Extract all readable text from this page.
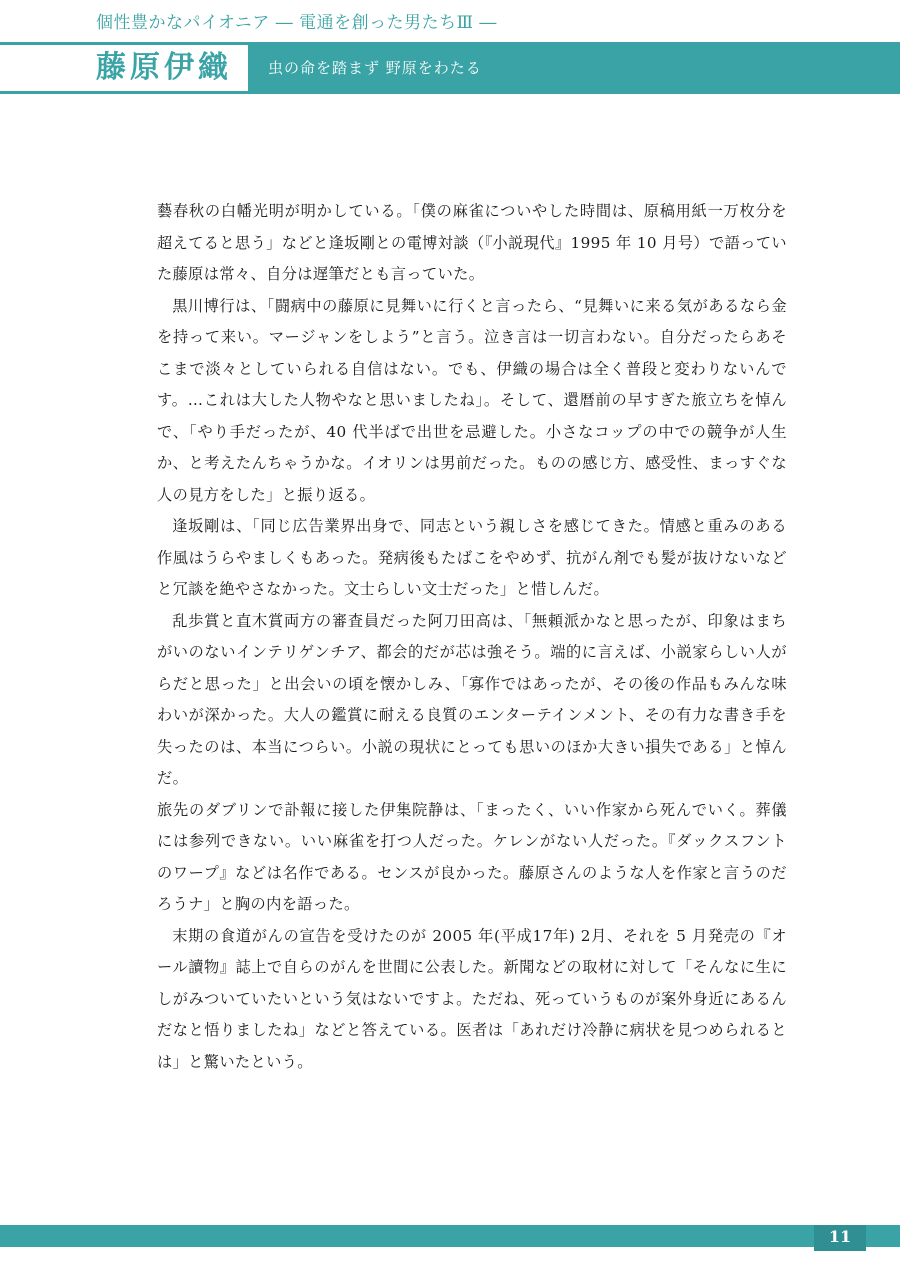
個性豊かなパイオニア ― 電通を創った男たちⅢ ―
藤原伊織 虫の命を踏まず 野原をわたる

藝春秋の白幡光明が明かしている。「僕の麻雀についやした時間は、原稿用紙一万枚分を超えてると思う」などと逢坂剛との電博対談（『小説現代』1995 年 10 月号）で語っていた藤原は常々、自分は遅筆だとも言っていた。

黒川博行は、「闘病中の藤原に見舞いに行くと言ったら、“見舞いに来る気があるなら金を持って来い。マージャンをしよう”と言う。泣き言は一切言わない。自分だったらあそこまで淡々としていられる自信はない。でも、伊織の場合は全く普段と変わりないんです。…これは大した人物やなと思いましたね」。そして、還暦前の早すぎた旅立ちを悼んで、「やり手だったが、40 代半ばで出世を忌避した。小さなコップの中での競争が人生か、と考えたんちゃうかな。イオリンは男前だった。ものの感じ方、感受性、まっすぐな人の見方をした」と振り返る。

逢坂剛は、「同じ広告業界出身で、同志という親しさを感じてきた。情感と重みのある作風はうらやましくもあった。発病後もたばこをやめず、抗がん剤でも髪が抜けないなどと冗談を絶やさなかった。文士らしい文士だった」と惜しんだ。

乱歩賞と直木賞両方の審査員だった阿刀田高は、「無頼派かなと思ったが、印象はまちがいのないインテリゲンチア、都会的だが芯は強そう。端的に言えば、小説家らしい人がらだと思った」と出会いの頃を懐かしみ、「寡作ではあったが、その後の作品もみんな味わいが深かった。大人の鑑賞に耐える良質のエンターテインメント、その有力な書き手を失ったのは、本当につらい。小説の現状にとっても思いのほか大きい損失である」と悼んだ。

旅先のダブリンで訃報に接した伊集院静は、「まったく、いい作家から死んでいく。葬儀には参列できない。いい麻雀を打つ人だった。ケレンがない人だった。『ダックスフントのワープ』などは名作である。センスが良かった。藤原さんのような人を作家と言うのだろうナ」と胸の内を語った。

末期の食道がんの宣告を受けたのが 2005 年(平成17年) 2月、それを 5 月発売の『オール讀物』誌上で自らのがんを世間に公表した。新聞などの取材に対して「そんなに生にしがみついていたいという気はないですよ。ただね、死っていうものが案外身近にあるんだなと悟りましたね」などと答えている。医者は「あれだけ冷静に病状を見つめられるとは」と驚いたという。

11
